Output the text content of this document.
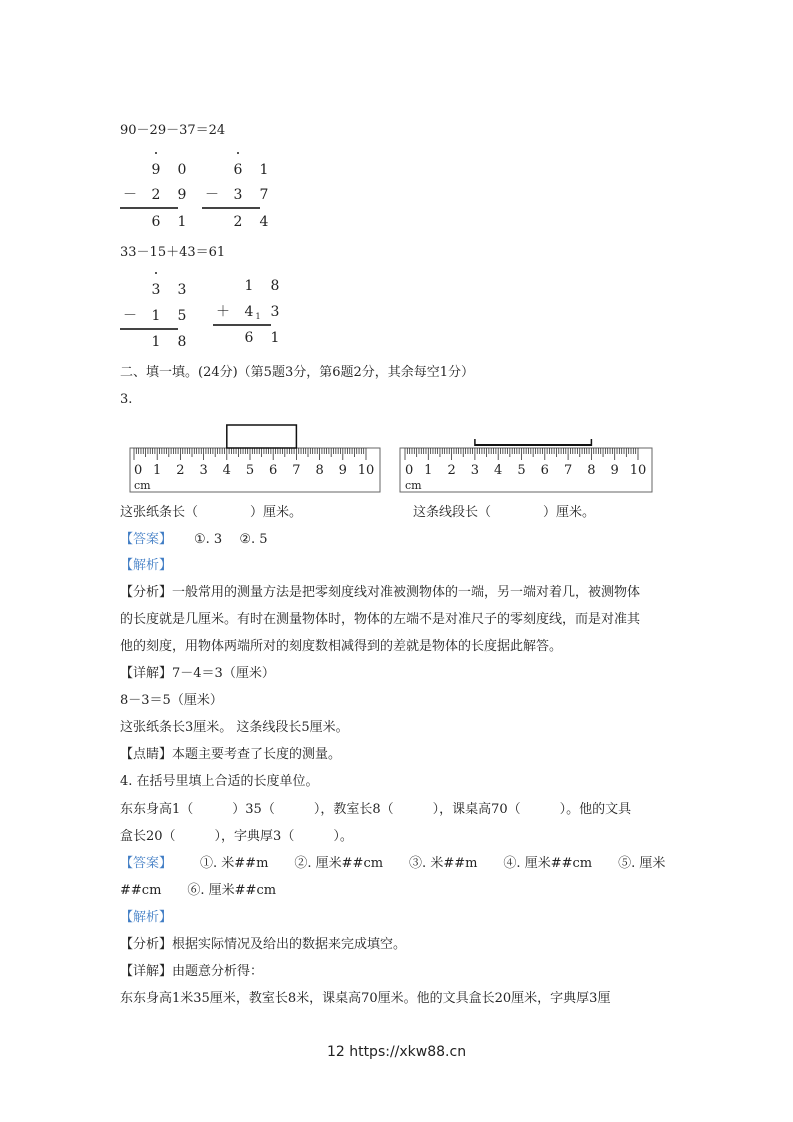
90－29－37＝24
9 0
－ 2 9
6 1
6 1
－ 3 7
2 4
33－15＋43＝61
3 3
－ 1 5
1 8
1 8
＋ 4 3
6 1
1
二、填一填。(24分)（第5题3分，第6题2分，其余每空1分）
3.
0 1 2 3 4 5 6 7 8 9 10
cm
0 1 2 3 4 5 6 7 8 9 10
cm
这张纸条长（　　　　）厘米。	这条线段长（　　　　）厘米。
【答案】 ①. 3　 ②. 5
【解析】
【分析】一般常用的测量方法是把零刻度线对准被测物体的一端，另一端对着几，被测物体
的长度就是几厘米。有时在测量物体时，物体的左端不是对准尺子的零刻度线，而是对准其
他的刻度，用物体两端所对的刻度数相减得到的差就是物体的长度据此解答。
【详解】7－4＝3（厘米）
8－3＝5（厘米）
这张纸条长3厘米。 这条线段长5厘米。
【点睛】本题主要考查了长度的测量。
4. 在括号里填上合适的长度单位。
东东身高1（　　　）35（　　　），教室长8（　　　），课桌高70（　　　）。他的文具
盒长20（　　　），字典厚3（　　　）。
【答案】 ①. 米##m　　②. 厘米##cm　　③. 米##m　　④. 厘米##cm　　⑤. 厘米
##cm　　⑥. 厘米##cm
【解析】
【分析】根据实际情况及给出的数据来完成填空。
【详解】由题意分析得：
东东身高1米35厘米，教室长8米，课桌高70厘米。他的文具盒长20厘米，字典厚3厘
12 https://xkw88.cn
